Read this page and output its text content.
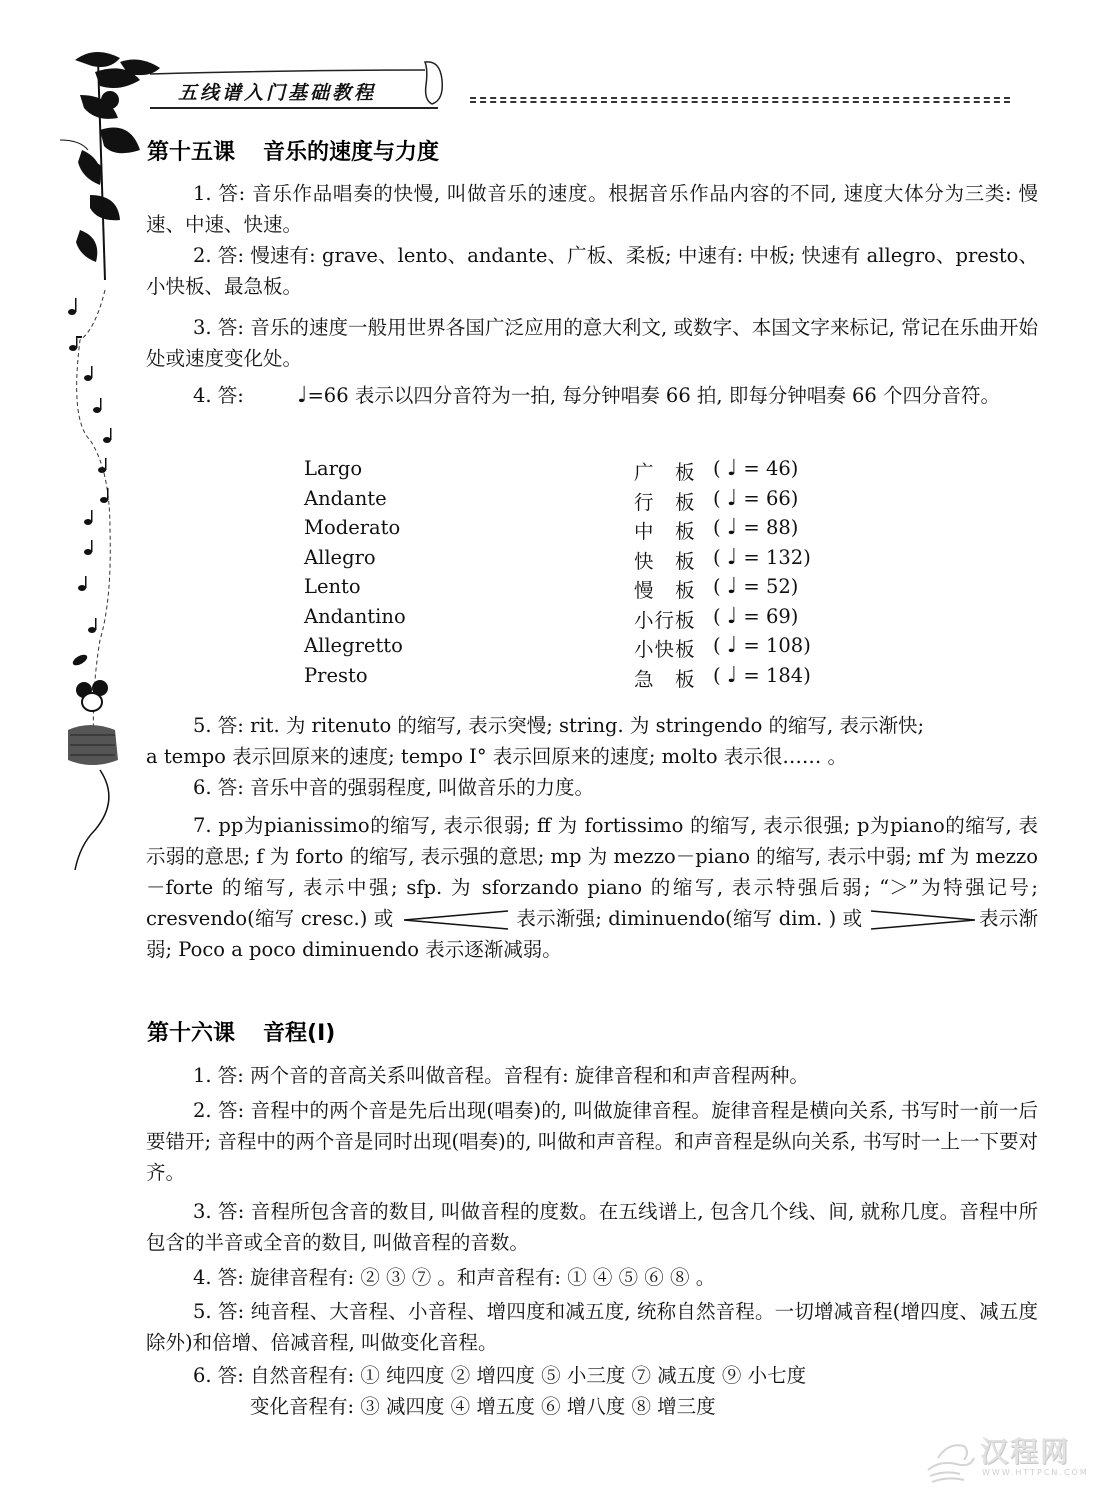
五线谱入门基础教程
第十五课 音乐的速度与力度
1. 答: 音乐作品唱奏的快慢, 叫做音乐的速度。根据音乐作品内容的不同, 速度大体分为三类: 慢速、中速、快速。
2. 答: 慢速有: grave、lento、andante、广板、柔板; 中速有: 中板; 快速有 allegro、presto、小快板、最急板。
3. 答: 音乐的速度一般用世界各国广泛应用的意大利文, 或数字、本国文字来标记, 常记在乐曲开始处或速度变化处。
4. 答: ♩=66 表示以四分音符为一拍, 每分钟唱奏 66 拍, 即每分钟唱奏 66 个四分音符。
Largo	广　板 ( ♩ = 46)
Andante	行　板 ( ♩ = 66)
Moderato	中　板 ( ♩ = 88)
Allegro	快　板 ( ♩ = 132)
Lento	慢　板 ( ♩ = 52)
Andantino	小行板 ( ♩ = 69)
Allegretto	小快板 ( ♩ = 108)
Presto	急　板 ( ♩ = 184)
5. 答: rit. 为 ritenuto 的缩写, 表示突慢; string. 为 stringendo 的缩写, 表示渐快;
a tempo 表示回原来的速度; tempo Ⅰ° 表示回原来的速度; molto 表示很…… 。
6. 答: 音乐中音的强弱程度, 叫做音乐的力度。
7. pp为pianissimo的缩写, 表示很弱; ff 为 fortissimo 的缩写, 表示很强; p为piano的缩写, 表示弱的意思; f 为 forto 的缩写, 表示强的意思; mp 为 mezzo－piano 的缩写, 表示中弱; mf 为 mezzo－forte 的缩写, 表示中强; sfp. 为 sforzando piano 的缩写, 表示特强后弱; “＞”为特强记号; cresvendo(缩写 cresc.) 或	表示渐强; diminuendo(缩写 dim. ) 或	表示渐弱; Poco a poco diminuendo 表示逐渐减弱。
第十六课 音程(Ⅰ)
1. 答: 两个音的音高关系叫做音程。音程有: 旋律音程和和声音程两种。
2. 答: 音程中的两个音是先后出现(唱奏)的, 叫做旋律音程。旋律音程是横向关系, 书写时一前一后要错开; 音程中的两个音是同时出现(唱奏)的, 叫做和声音程。和声音程是纵向关系, 书写时一上一下要对齐。
3. 答: 音程所包含音的数目, 叫做音程的度数。在五线谱上, 包含几个线、间, 就称几度。音程中所包含的半音或全音的数目, 叫做音程的音数。
4. 答: 旋律音程有: ② ③ ⑦ 。和声音程有: ① ④ ⑤ ⑥ ⑧ 。
5. 答: 纯音程、大音程、小音程、增四度和减五度, 统称自然音程。一切增减音程(增四度、减五度除外)和倍增、倍减音程, 叫做变化音程。
6. 答: 自然音程有: ① 纯四度 ② 增四度 ⑤ 小三度 ⑦ 减五度 ⑨ 小七度
变化音程有: ③ 减四度 ④ 增五度 ⑥ 增八度 ⑧ 增三度
汉程网
WWW.HTTPCN.COM
